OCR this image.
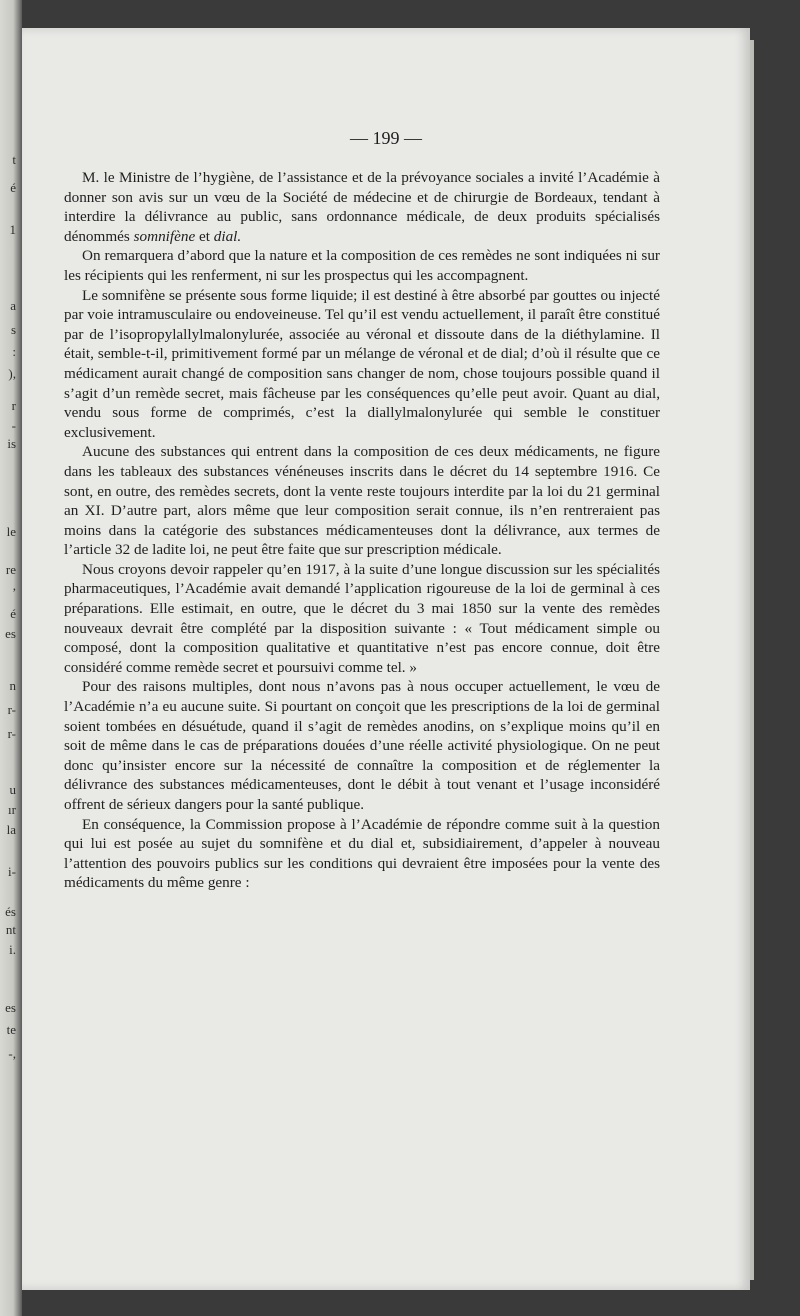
t
é
1
a
s
:
),
r
-
is
le
re
,
é
es
n
r-
r-
u
ır
la
i-
és
nt
i.
es
te
-,
— 199 —

M. le Ministre de l’hygiène, de l’assistance et de la prévoyance sociales a invité l’Académie à donner son avis sur un vœu de la Société de médecine et de chirurgie de Bordeaux, tendant à interdire la délivrance au public, sans ordonnance médicale, de deux produits spécialisés dénommés somnifène et dial.

On remarquera d’abord que la nature et la composition de ces remèdes ne sont indiquées ni sur les récipients qui les renferment, ni sur les prospectus qui les accompagnent.

Le somnifène se présente sous forme liquide; il est destiné à être absorbé par gouttes ou injecté par voie intramusculaire ou endoveineuse. Tel qu’il est vendu actuellement, il paraît être constitué par de l’isopropylallylmalonylurée, associée au véronal et dissoute dans de la diéthylamine. Il était, semble-t-il, primitivement formé par un mélange de véronal et de dial; d’où il résulte que ce médicament aurait changé de composition sans changer de nom, chose toujours possible quand il s’agit d’un remède secret, mais fâcheuse par les conséquences qu’elle peut avoir. Quant au dial, vendu sous forme de comprimés, c’est la diallylmalonylurée qui semble le constituer exclusivement.

Aucune des substances qui entrent dans la composition de ces deux médicaments, ne figure dans les tableaux des substances vénéneuses inscrits dans le décret du 14 septembre 1916. Ce sont, en outre, des remèdes secrets, dont la vente reste toujours interdite par la loi du 21 germinal an XI. D’autre part, alors même que leur composition serait connue, ils n’en rentreraient pas moins dans la catégorie des substances médicamenteuses dont la délivrance, aux termes de l’article 32 de ladite loi, ne peut être faite que sur prescription médicale.

Nous croyons devoir rappeler qu’en 1917, à la suite d’une longue discussion sur les spécialités pharmaceutiques, l’Académie avait demandé l’application rigoureuse de la loi de germinal à ces préparations. Elle estimait, en outre, que le décret du 3 mai 1850 sur la vente des remèdes nouveaux devrait être complété par la disposition suivante : « Tout médicament simple ou composé, dont la composition qualitative et quantitative n’est pas encore connue, doit être considéré comme remède secret et poursuivi comme tel. »

Pour des raisons multiples, dont nous n’avons pas à nous occuper actuellement, le vœu de l’Académie n’a eu aucune suite. Si pourtant on conçoit que les prescriptions de la loi de germinal soient tombées en désuétude, quand il s’agit de remèdes anodins, on s’explique moins qu’il en soit de même dans le cas de préparations douées d’une réelle activité physiologique. On ne peut donc qu’insister encore sur la nécessité de connaître la composition et de réglementer la délivrance des substances médicamenteuses, dont le débit à tout venant et l’usage inconsidéré offrent de sérieux dangers pour la santé publique.

En conséquence, la Commission propose à l’Académie de répondre comme suit à la question qui lui est posée au sujet du somnifène et du dial et, subsidiairement, d’appeler à nouveau l’attention des pouvoirs publics sur les conditions qui devraient être imposées pour la vente des médicaments du même genre :
